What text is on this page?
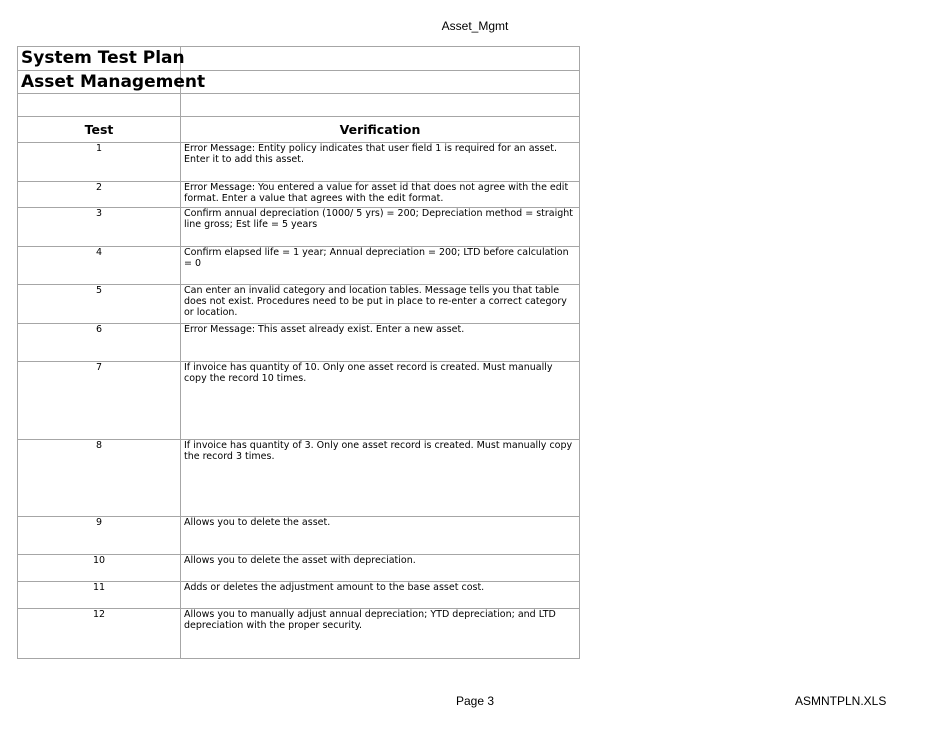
Asset_Mgmt
System Test Plan	
Asset Management	

Test	Verification
1	Error Message: Entity policy indicates that user field 1 is required for an asset. Enter it to add this asset.
2	Error Message: You entered a value for asset id that does not agree with the edit format. Enter a value that agrees with the edit format.
3	Confirm annual depreciation (1000/ 5 yrs) = 200; Depreciation method = straight line gross; Est life = 5 years
4	Confirm elapsed life = 1 year; Annual depreciation = 200; LTD before calculation = 0
5	Can enter an invalid category and location tables. Message tells you that table does not exist. Procedures need to be put in place to re-enter a correct category or location.
6	Error Message: This asset already exist. Enter a new asset.
7	If invoice has quantity of 10. Only one asset record is created. Must manually copy the record 10 times.
8	If invoice has quantity of 3. Only one asset record is created. Must manually copy the record 3 times.
9	Allows you to delete the asset.
10	Allows you to delete the asset with depreciation.
11	Adds or deletes the adjustment amount to the base asset cost.
12	Allows you to manually adjust annual depreciation; YTD depreciation; and LTD depreciation with the proper security.
Page 3	ASMNTPLN.XLS
